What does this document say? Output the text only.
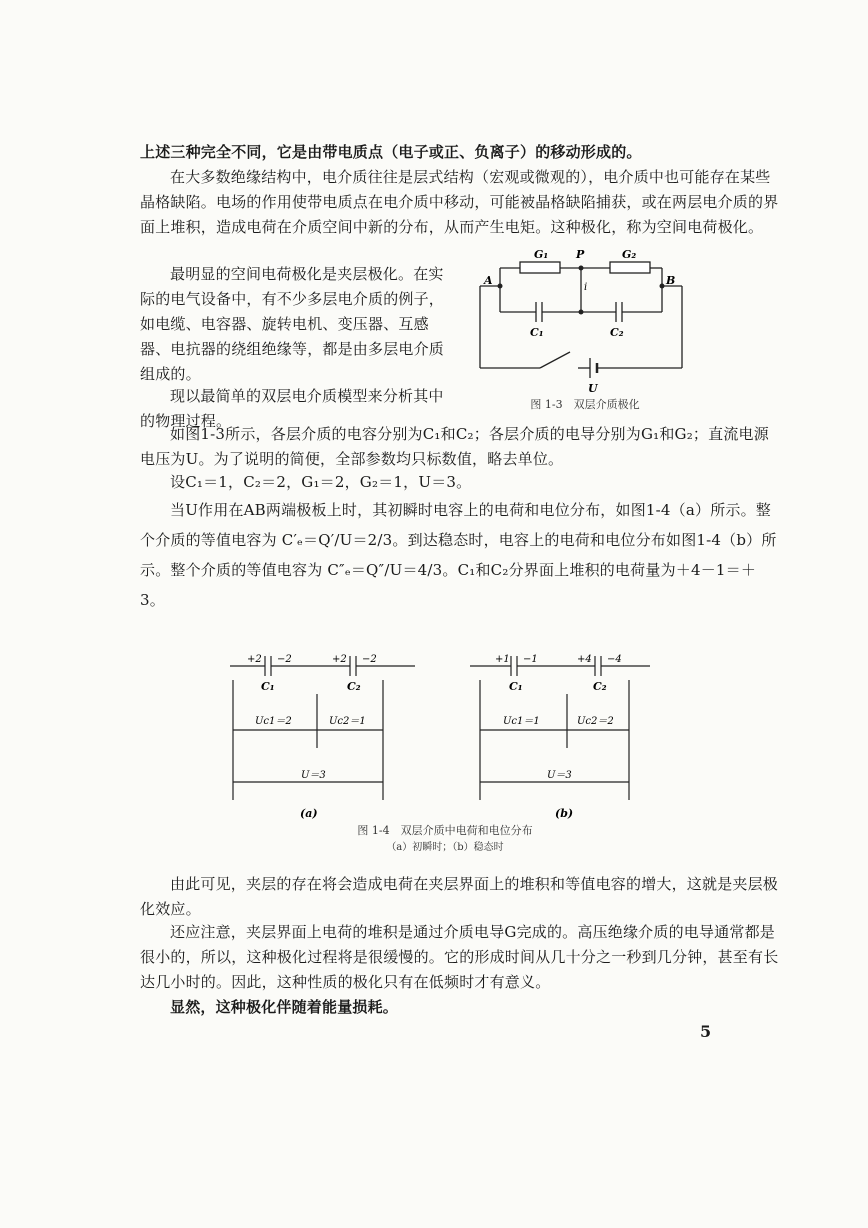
上述三种完全不同，它是由带电质点（电子或正、负离子）的移动形成的。

在大多数绝缘结构中，电介质往往是层式结构（宏观或微观的），电介质中也可能存在某些晶格缺陷。电场的作用使带电质点在电介质中移动，可能被晶格缺陷捕获，或在两层电介质的界面上堆积，造成电荷在介质空间中新的分布，从而产生电矩。这种极化，称为空间电荷极化。

最明显的空间电荷极化是夹层极化。在实际的电气设备中，有不少多层电介质的例子，如电缆、电容器、旋转电机、变压器、互感器、电抗器的绕组绝缘等，都是由多层电介质组成的。

现以最简单的双层电介质模型来分析其中的物理过程。

G₁	G₂
P
A	B
i
C₁	C₂
U
图 1-3　双层介质极化

如图1-3所示，各层介质的电容分别为C₁和C₂；各层介质的电导分别为G₁和G₂；直流电源电压为U。为了说明的简便，全部参数均只标数值，略去单位。

设C₁＝1，C₂＝2，G₁＝2，G₂＝1，U＝3。

当U作用在AB两端极板上时，其初瞬时电容上的电荷和电位分布，如图1-4（a）所示。整个介质的等值电容为 C′ₑ＝Q′/U＝2/3。到达稳态时，电容上的电荷和电位分布如图1-4（b）所示。整个介质的等值电容为 C″ₑ＝Q″/U＝4/3。C₁和C₂分界面上堆积的电荷量为＋4－1＝＋3。

+2 −2	+2 −2
C₁	C₂
Uc1＝2	Uc2＝1
U＝3
(a)
+1 −1	+4 −4
C₁	C₂
Uc1＝1	Uc2＝2
U＝3
(b)
图 1-4　双层介质中电荷和电位分布
（a）初瞬时；（b）稳态时

由此可见，夹层的存在将会造成电荷在夹层界面上的堆积和等值电容的增大，这就是夹层极化效应。

还应注意，夹层界面上电荷的堆积是通过介质电导G完成的。高压绝缘介质的电导通常都是很小的，所以，这种极化过程将是很缓慢的。它的形成时间从几十分之一秒到几分钟，甚至有长达几小时的。因此，这种性质的极化只有在低频时才有意义。

显然，这种极化伴随着能量损耗。

5
